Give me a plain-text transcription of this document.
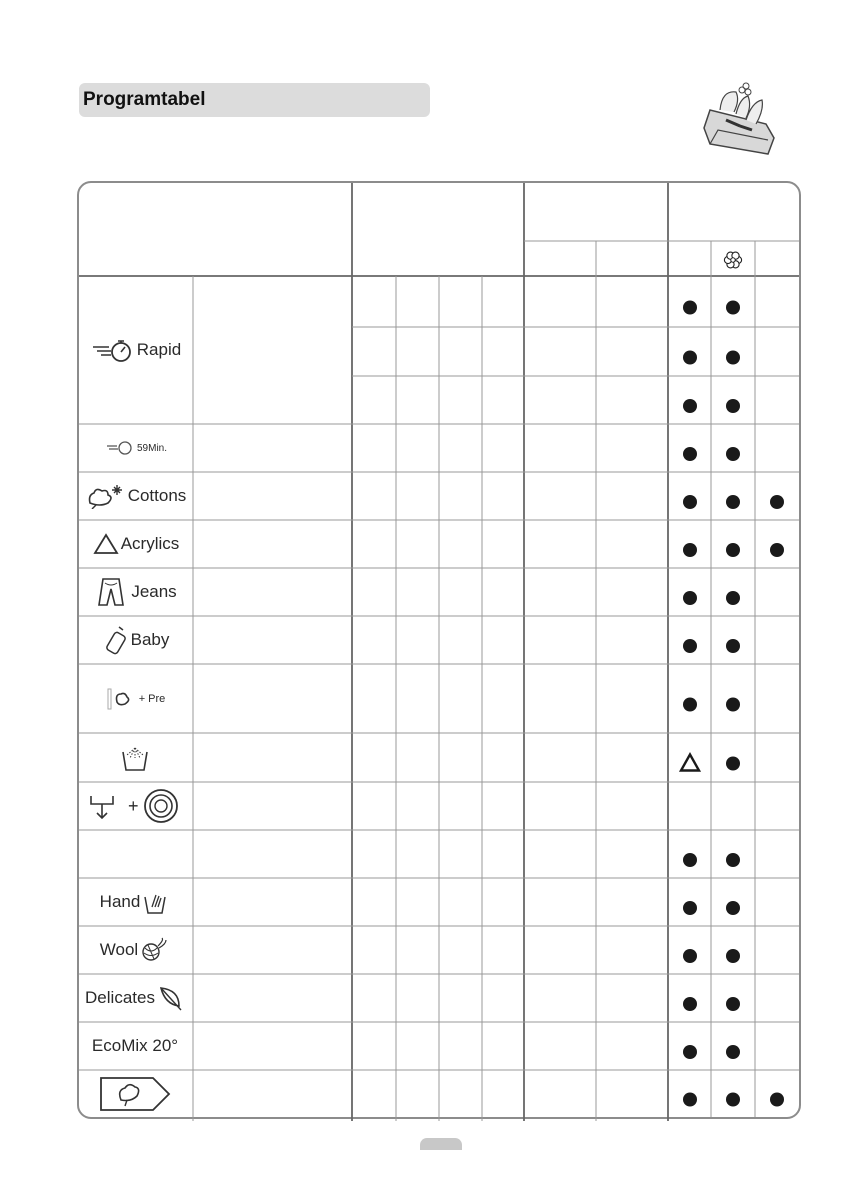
Programtabel
Rapid
59Min.
Cottons
Acrylics
Jeans
Baby
+ Pre
+
Hand
Wool
Delicates
EcoMix 20°
